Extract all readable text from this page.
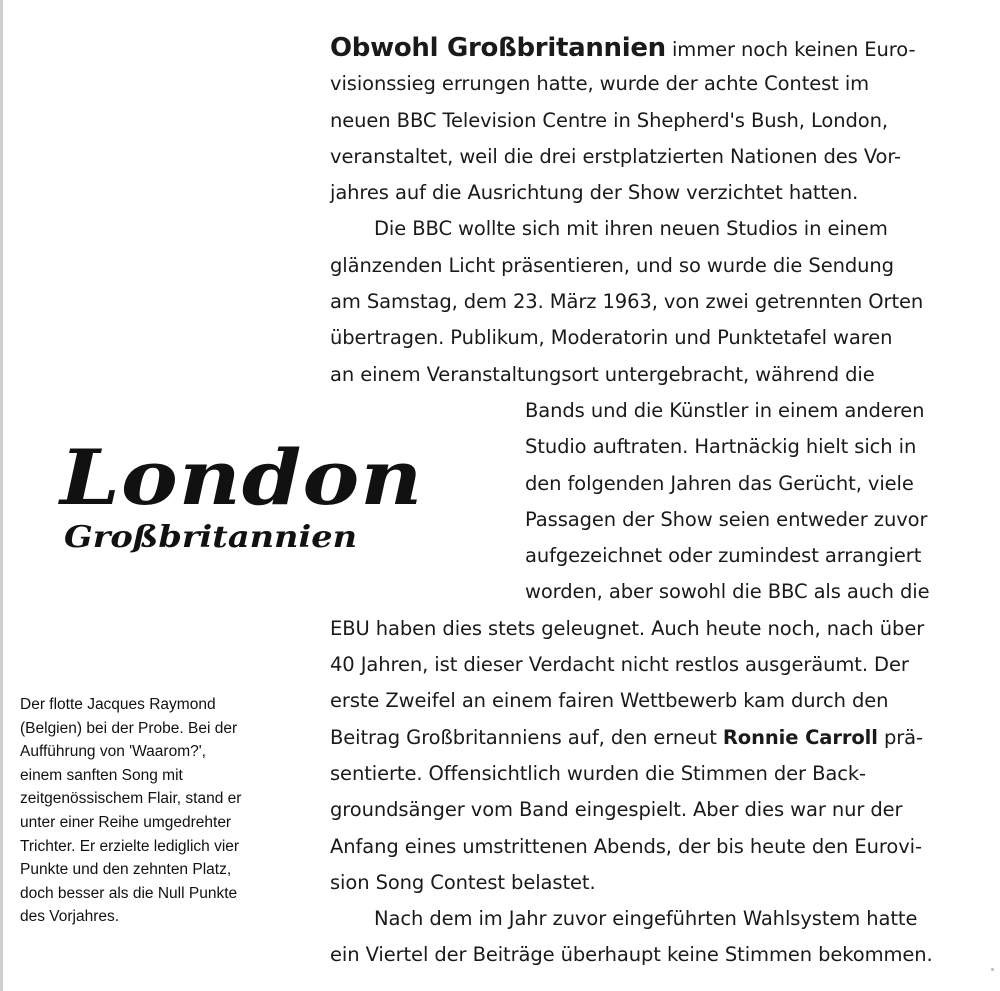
Obwohl Großbritannien immer noch keinen Euro-
visionssieg errungen hatte, wurde der achte Contest im
neuen BBC Television Centre in Shepherd's Bush, London,
veranstaltet, weil die drei erstplatzierten Nationen des Vor-
jahres auf die Ausrichtung der Show verzichtet hatten.
Die BBC wollte sich mit ihren neuen Studios in einem
glänzenden Licht präsentieren, und so wurde die Sendung
am Samstag, dem 23. März 1963, von zwei getrennten Orten
übertragen. Publikum, Moderatorin und Punktetafel waren
an einem Veranstaltungsort untergebracht, während die
Bands und die Künstler in einem anderen
Studio auftraten. Hartnäckig hielt sich in
den folgenden Jahren das Gerücht, viele
Passagen der Show seien entweder zuvor
aufgezeichnet oder zumindest arrangiert
worden, aber sowohl die BBC als auch die
EBU haben dies stets geleugnet. Auch heute noch, nach über
40 Jahren, ist dieser Verdacht nicht restlos ausgeräumt. Der
erste Zweifel an einem fairen Wettbewerb kam durch den
Beitrag Großbritanniens auf, den erneut Ronnie Carroll prä-
sentierte. Offensichtlich wurden die Stimmen der Back-
groundsänger vom Band eingespielt. Aber dies war nur der
Anfang eines umstrittenen Abends, der bis heute den Eurovi-
sion Song Contest belastet.
Nach dem im Jahr zuvor eingeführten Wahlsystem hatte
ein Viertel der Beiträge überhaupt keine Stimmen bekommen.
London
Großbritannien
Der flotte Jacques Raymond
(Belgien) bei der Probe. Bei der
Aufführung von 'Waarom?',
einem sanften Song mit
zeitgenössischem Flair, stand er
unter einer Reihe umgedrehter
Trichter. Er erzielte lediglich vier
Punkte und den zehnten Platz,
doch besser als die Null Punkte
des Vorjahres.
